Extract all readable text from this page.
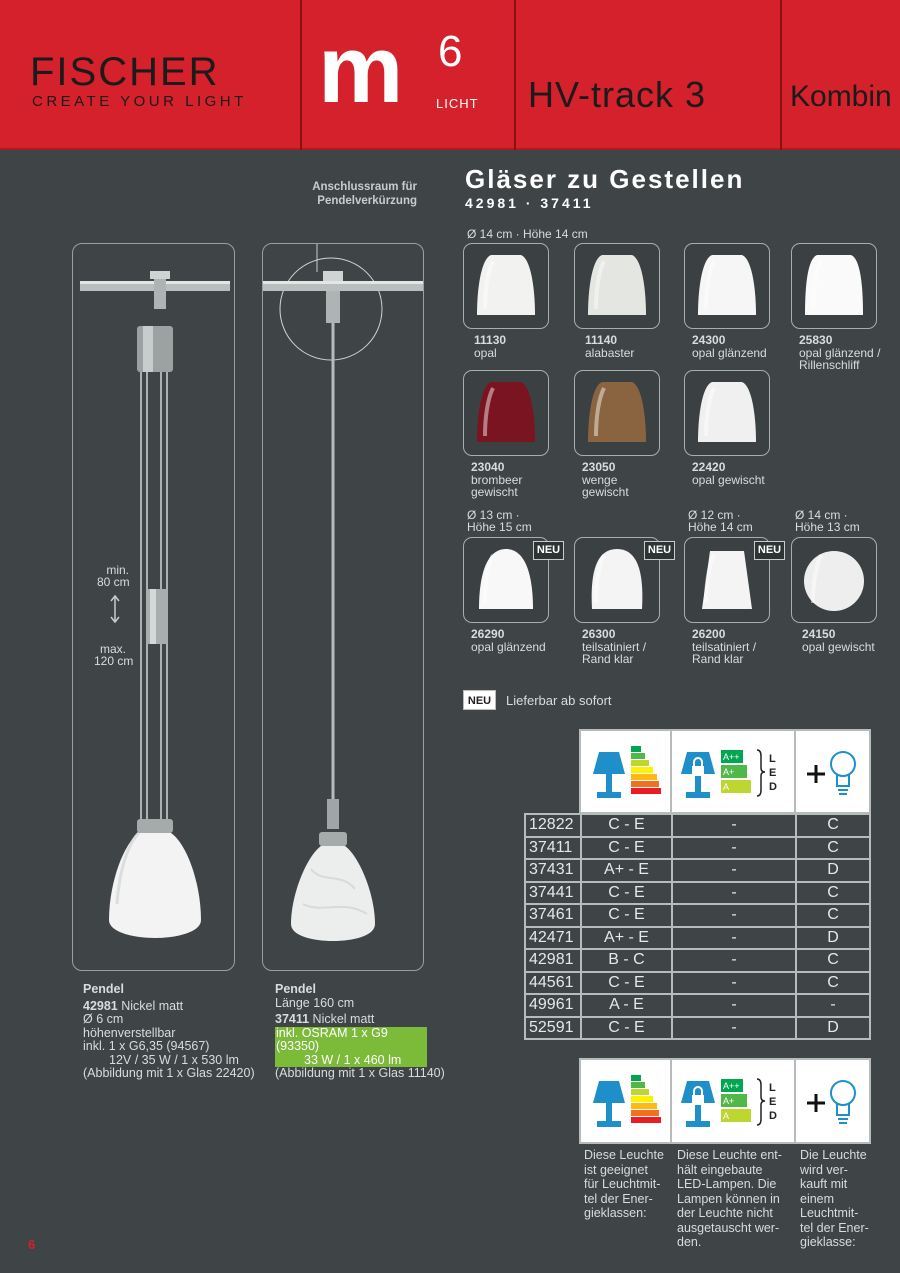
FISCHER
CREATE YOUR LIGHT m 6
LICHT HV-track 3	Kombin
Gläser zu Gestellen
42981 · 37411
Anschlussraum für Pendelverkürzung
min.
80 cm
max.
120 cm
Ø 14 cm · Höhe 14 cm
Ø 13 cm ·
Höhe 15 cm
Ø 12 cm ·
Höhe 14 cm
Ø 14 cm ·
Höhe 13 cm
11130
opal
11140
alabaster
24300
opal glänzend
25830
opal glänzend /
Rillenschliff
23040
brombeer
gewischt
23050
wenge
gewischt
22420
opal gewischt
NEU
26290
opal glänzend
NEU
26300
teilsatiniert /
Rand klar
NEU
26200
teilsatiniert /
Rand klar
24150
opal gewischt
NEU	Lieferbar ab sofort
A++
A+
A
L
E
D
12822	C - E	-	C
37411	C - E	-	C
37431	A+ - E	-	D
37441	C - E	-	C
37461	C - E	-	C
42471	A+ - E	-	D
42981	B - C	-	C
44561	C - E	-	C
49961	A - E	-	-
52591	C - E	-	D
A++
A+
A
L
E
D
Diese Leuchte
ist geeignet
für Leuchtmit-
tel der Ener-
gieklassen:
Diese Leuchte ent-
hält eingebaute
LED-Lampen. Die
Lampen können in
der Leuchte nicht
ausgetauscht wer-
den.
Die Leuchte
wird ver-
kauft mit
einem
Leuchtmit-
tel der Ener-
gieklasse:
Pendel
42981 Nickel matt
Ø 6 cm
höhenverstellbar
inkl. 1 x G6,35 (94567)
12V / 35 W / 1 x 530 lm
(Abbildung mit 1 x Glas 22420)
Pendel
Länge 160 cm
37411 Nickel matt
inkl. OSRAM 1 x G9 (93350)
33 W / 1 x 460 lm
(Abbildung mit 1 x Glas 11140)
6
